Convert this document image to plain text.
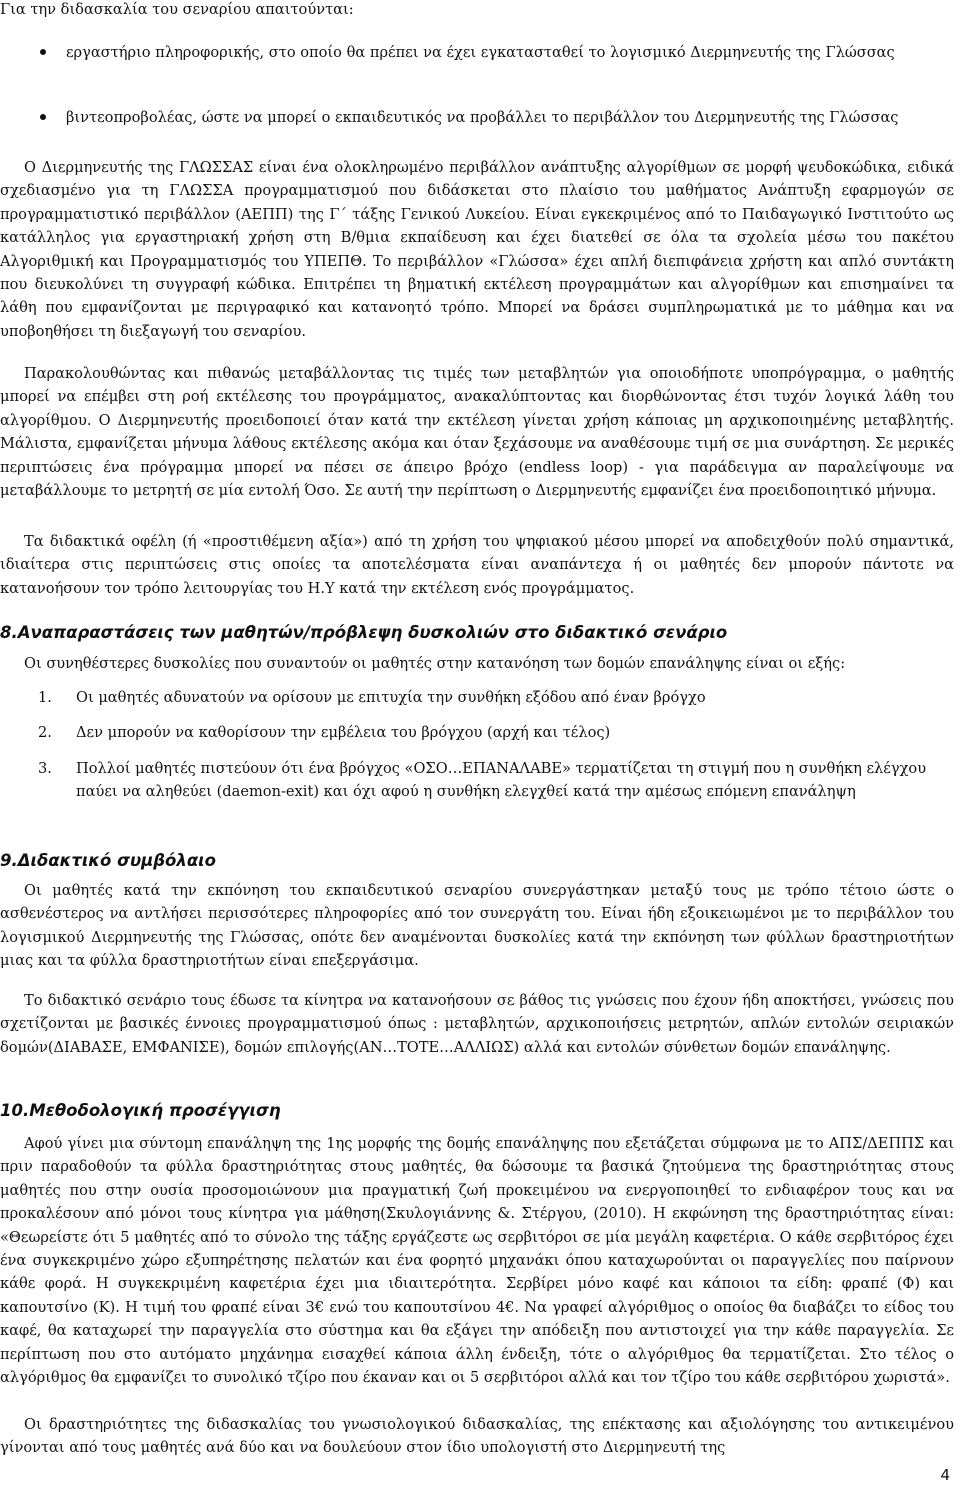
Για την διδασκαλία του σεναρίου απαιτούνται:

εργαστήριο πληροφορικής, στο οποίο θα πρέπει να έχει εγκατασταθεί το λογισμικό Διερμηνευτής της Γλώσσας

βιντεοπροβολέας, ώστε να μπορεί ο εκπαιδευτικός να προβάλλει το περιβάλλον του Διερμηνευτής της Γλώσσας

Ο Διερμηνευτής της ΓΛΩΣΣΑΣ είναι ένα ολοκληρωμένο περιβάλλον ανάπτυξης αλγορίθμων σε μορφή ψευδοκώδικα, ειδικά σχεδιασμένο για τη ΓΛΩΣΣΑ προγραμματισμού που διδάσκεται στο πλαίσιο του μαθήματος Ανάπτυξη εφαρμογών σε προγραμματιστικό περιβάλλον (ΑΕΠΠ) της Γ΄ τάξης Γενικού Λυκείου. Είναι εγκεκριμένος από το Παιδαγωγικό Ινστιτούτο ως κατάλληλος για εργαστηριακή χρήση στη Β/θμια εκπαίδευση και έχει διατεθεί σε όλα τα σχολεία μέσω του πακέτου Αλγοριθμική και Προγραμματισμός του ΥΠΕΠΘ. Το περιβάλλον «Γλώσσα» έχει απλή διεπιφάνεια χρήστη και απλό συντάκτη που διευκολύνει τη συγγραφή κώδικα. Επιτρέπει τη βηματική εκτέλεση προγραμμάτων και αλγορίθμων και επισημαίνει τα λάθη που εμφανίζονται με περιγραφικό και κατανοητό τρόπο. Μπορεί να δράσει συμπληρωματικά με το μάθημα και να υποβοηθήσει τη διεξαγωγή του σεναρίου.

Παρακολουθώντας και πιθανώς μεταβάλλοντας τις τιμές των μεταβλητών για οποιοδήποτε υποπρόγραμμα, ο μαθητής μπορεί να επέμβει στη ροή εκτέλεσης του προγράμματος, ανακαλύπτοντας και διορθώνοντας έτσι τυχόν λογικά λάθη του αλγορίθμου. Ο Διερμηνευτής προειδοποιεί όταν κατά την εκτέλεση γίνεται χρήση κάποιας μη αρχικοποιημένης μεταβλητής. Μάλιστα, εμφανίζεται μήνυμα λάθους εκτέλεσης ακόμα και όταν ξεχάσουμε να αναθέσουμε τιμή σε μια συνάρτηση. Σε μερικές περιπτώσεις ένα πρόγραμμα μπορεί να πέσει σε άπειρο βρόχο (endless loop) - για παράδειγμα αν παραλείψουμε να μεταβάλλουμε το μετρητή σε μία εντολή Όσο. Σε αυτή την περίπτωση ο Διερμηνευτής εμφανίζει ένα προειδοποιητικό μήνυμα.

Τα διδακτικά οφέλη (ή «προστιθέμενη αξία») από τη χρήση του ψηφιακού μέσου μπορεί να αποδειχθούν πολύ σημαντικά, ιδιαίτερα στις περιπτώσεις στις οποίες τα αποτελέσματα είναι αναπάντεχα ή οι μαθητές δεν μπορούν πάντοτε να κατανοήσουν τον τρόπο λειτουργίας του Η.Υ κατά την εκτέλεση ενός προγράμματος.

8.Αναπαραστάσεις των μαθητών/πρόβλεψη δυσκολιών στο διδακτικό σενάριο

Οι συνηθέστερες δυσκολίες που συναντούν οι μαθητές στην κατανόηση των δομών επανάληψης είναι οι εξής:

1. Οι μαθητές αδυνατούν να ορίσουν με επιτυχία την συνθήκη εξόδου από έναν βρόγχο

2. Δεν μπορούν να καθορίσουν την εμβέλεια του βρόγχου (αρχή και τέλος)

3. Πολλοί μαθητές πιστεύουν ότι ένα βρόγχος «ΟΣΟ…ΕΠΑΝΑΛΑΒΕ» τερματίζεται τη στιγμή που η συνθήκη ελέγχου παύει να αληθεύει (daemon-exit) και όχι αφού η συνθήκη ελεγχθεί κατά την αμέσως επόμενη επανάληψη

9.Διδακτικό συμβόλαιο

Οι μαθητές κατά την εκπόνηση του εκπαιδευτικού σεναρίου συνεργάστηκαν μεταξύ τους με τρόπο τέτοιο ώστε ο ασθενέστερος να αντλήσει περισσότερες πληροφορίες από τον συνεργάτη του. Είναι ήδη εξοικειωμένοι με το περιβάλλον του λογισμικού Διερμηνευτής της Γλώσσας, οπότε δεν αναμένονται δυσκολίες κατά την εκπόνηση των φύλλων δραστηριοτήτων μιας και τα φύλλα δραστηριοτήτων είναι επεξεργάσιμα.

Το διδακτικό σενάριο τους έδωσε τα κίνητρα να κατανοήσουν σε βάθος τις γνώσεις που έχουν ήδη αποκτήσει, γνώσεις που σχετίζονται με βασικές έννοιες προγραμματισμού όπως : μεταβλητών, αρχικοποιήσεις μετρητών, απλών εντολών σειριακών δομών(ΔΙΑΒΑΣΕ, ΕΜΦΑΝΙΣΕ), δομών επιλογής(ΑΝ…ΤΟΤΕ…ΑΛΛΙΩΣ) αλλά και εντολών σύνθετων δομών επανάληψης.

10.Μεθοδολογική προσέγγιση

Αφού γίνει μια σύντομη επανάληψη της 1ης μορφής της δομής επανάληψης που εξετάζεται σύμφωνα με το ΑΠΣ/ΔΕΠΠΣ και πριν παραδοθούν τα φύλλα δραστηριότητας στους μαθητές, θα δώσουμε τα βασικά ζητούμενα της δραστηριότητας στους μαθητές που στην ουσία προσομοιώνουν μια πραγματική ζωή προκειμένου να ενεργοποιηθεί το ενδιαφέρον τους και να προκαλέσουν από μόνοι τους κίνητρα για μάθηση(Σκυλογιάννης &. Στέργου, (2010). Η εκφώνηση της δραστηριότητας είναι: «Θεωρείστε ότι 5 μαθητές από το σύνολο της τάξης εργάζεστε ως σερβιτόροι σε μία μεγάλη καφετέρια. Ο κάθε σερβιτόρος έχει ένα συγκεκριμένο χώρο εξυπηρέτησης πελατών και ένα φορητό μηχανάκι όπου καταχωρούνται οι παραγγελίες που παίρνουν κάθε φορά. Η συγκεκριμένη καφετέρια έχει μια ιδιαιτερότητα. Σερβίρει μόνο καφέ και κάποιοι τα είδη: φραπέ (Φ) και καπουτσίνο (Κ). Η τιμή του φραπέ είναι 3€ ενώ του καπουτσίνου 4€. Να γραφεί αλγόριθμος ο οποίος θα διαβάζει το είδος του καφέ, θα καταχωρεί την παραγγελία στο σύστημα και θα εξάγει την απόδειξη που αντιστοιχεί για την κάθε παραγγελία. Σε περίπτωση που στο αυτόματο μηχάνημα εισαχθεί κάποια άλλη ένδειξη, τότε ο αλγόριθμος θα τερματίζεται. Στο τέλος ο αλγόριθμος θα εμφανίζει το συνολικό τζίρο που έκαναν και οι 5 σερβιτόροι αλλά και τον τζίρο του κάθε σερβιτόρου χωριστά».

Οι δραστηριότητες της διδασκαλίας του γνωσιολογικού διδασκαλίας, της επέκτασης και αξιολόγησης του αντικειμένου γίνονται από τους μαθητές ανά δύο και να δουλεύουν στον ίδιο υπολογιστή στο Διερμηνευτή της

4
